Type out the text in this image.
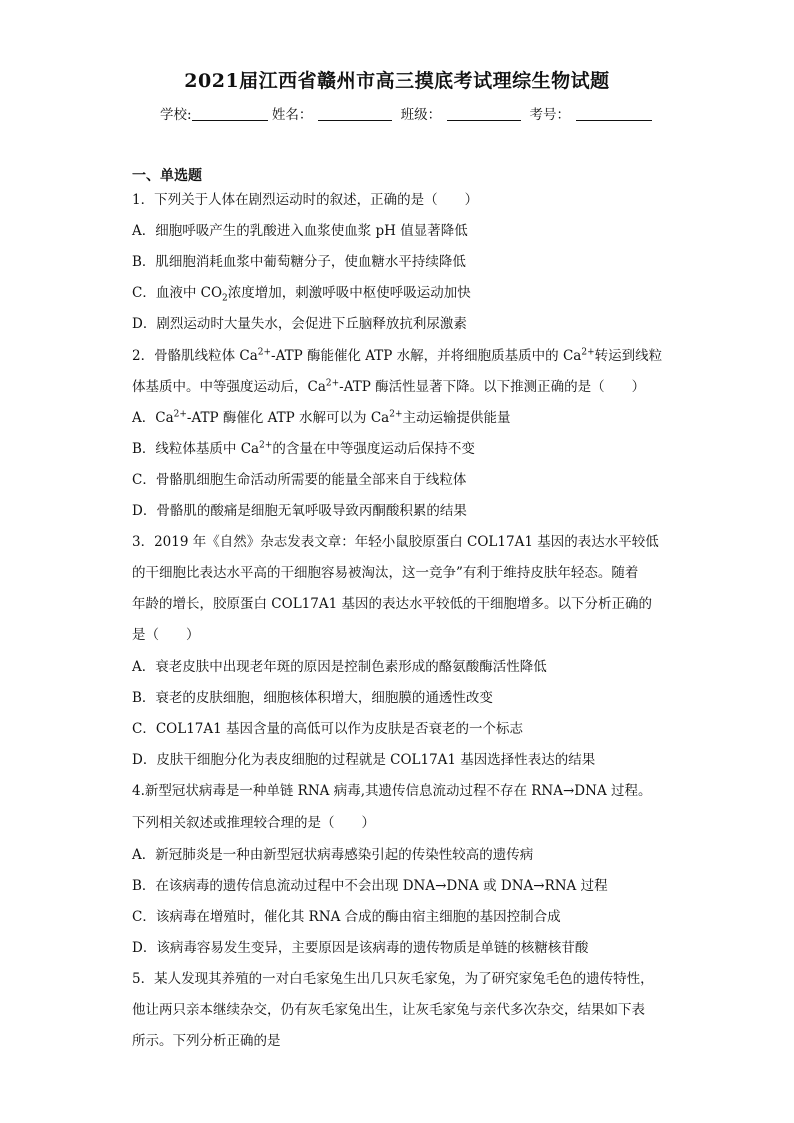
2021届江西省赣州市高三摸底考试理综生物试题
学校:	姓名：	班级：	考号：
一、单选题
1．下列关于人体在剧烈运动时的叙述，正确的是（　　）
A．细胞呼吸产生的乳酸进入血浆使血浆 pH 值显著降低
B．肌细胞消耗血浆中葡萄糖分子，使血糖水平持续降低
C．血液中 $CO_2$浓度增加，刺激呼吸中枢使呼吸运动加快
D．剧烈运动时大量失水，会促进下丘脑释放抗利尿激素
2．骨骼肌线粒体 $Ca^{2+}$-ATP 酶能催化 ATP 水解，并将细胞质基质中的 $Ca^{2+}$转运到线粒
体基质中。中等强度运动后，$Ca^{2+}$-ATP 酶活性显著下降。以下推测正确的是（　　）
A．$Ca^{2+}$-ATP 酶催化 ATP 水解可以为 $Ca^{2+}$主动运输提供能量
B．线粒体基质中 $Ca^{2+}$的含量在中等强度运动后保持不变
C．骨骼肌细胞生命活动所需要的能量全部来自于线粒体
D．骨骼肌的酸痛是细胞无氧呼吸导致丙酮酸积累的结果
3．2019 年《自然》杂志发表文章：年轻小鼠胶原蛋白 COL17A1 基因的表达水平较低
的干细胞比表达水平高的干细胞容易被淘汰，这一竞争”有利于维持皮肤年轻态。随着
年龄的增长，胶原蛋白 COL17A1 基因的表达水平较低的干细胞增多。以下分析正确的
是（　　）
A．衰老皮肤中出现老年斑的原因是控制色素形成的酪氨酸酶活性降低
B．衰老的皮肤细胞，细胞核体积增大，细胞膜的通透性改变
C．COL17A1 基因含量的高低可以作为皮肤是否衰老的一个标志
D．皮肤干细胞分化为表皮细胞的过程就是 COL17A1 基因选择性表达的结果
4.新型冠状病毒是一种单链 RNA 病毒,其遗传信息流动过程不存在 RNA→DNA 过程。
下列相关叙述或推理较合理的是（　　）
A．新冠肺炎是一种由新型冠状病毒感染引起的传染性较高的遗传病
B．在该病毒的遗传信息流动过程中不会出现 DNA→DNA 或 DNA→RNA 过程
C．该病毒在增殖时，催化其 RNA 合成的酶由宿主细胞的基因控制合成
D．该病毒容易发生变异，主要原因是该病毒的遗传物质是单链的核糖核苷酸
5．某人发现其养殖的一对白毛家兔生出几只灰毛家兔，为了研究家兔毛色的遗传特性，
他让两只亲本继续杂交，仍有灰毛家兔出生，让灰毛家兔与亲代多次杂交，结果如下表
所示。下列分析正确的是
